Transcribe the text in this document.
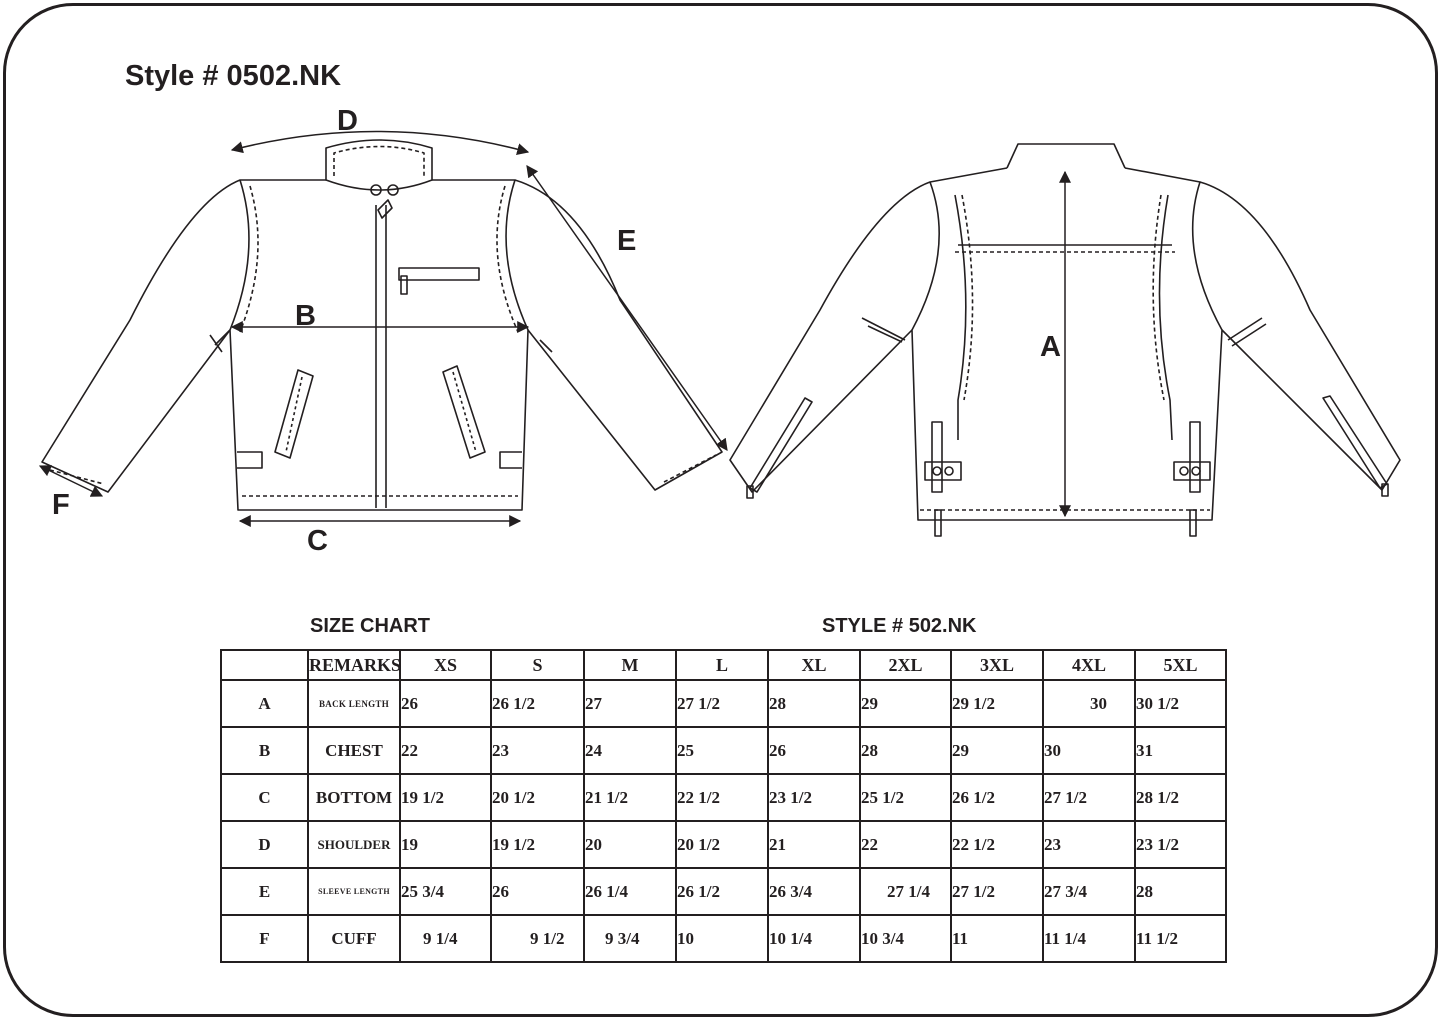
Style # 0502.NK
D
B
C
E
F
A
SIZE CHART	STYLE # 502.NK
	REMARKS	XS	S	M	L	XL	2XL	3XL	4XL	5XL
A	BACK LENGTH	26	26 1/2	27	27 1/2	28	29	29 1/2	30	30 1/2
B	CHEST	22	23	24	25	26	28	29	30	31
C	BOTTOM	19 1/2	20 1/2	21 1/2	22 1/2	23 1/2	25 1/2	26 1/2	27 1/2	28 1/2
D	SHOULDER	19	19 1/2	20	20 1/2	21	22	22 1/2	23	23 1/2
E	SLEEVE LENGTH	25 3/4	26	26 1/4	26 1/2	26 3/4	27 1/4	27 1/2	27 3/4	28
F	CUFF	9 1/4	9 1/2	9 3/4	10	10 1/4	10 3/4	11	11 1/4	11 1/2
